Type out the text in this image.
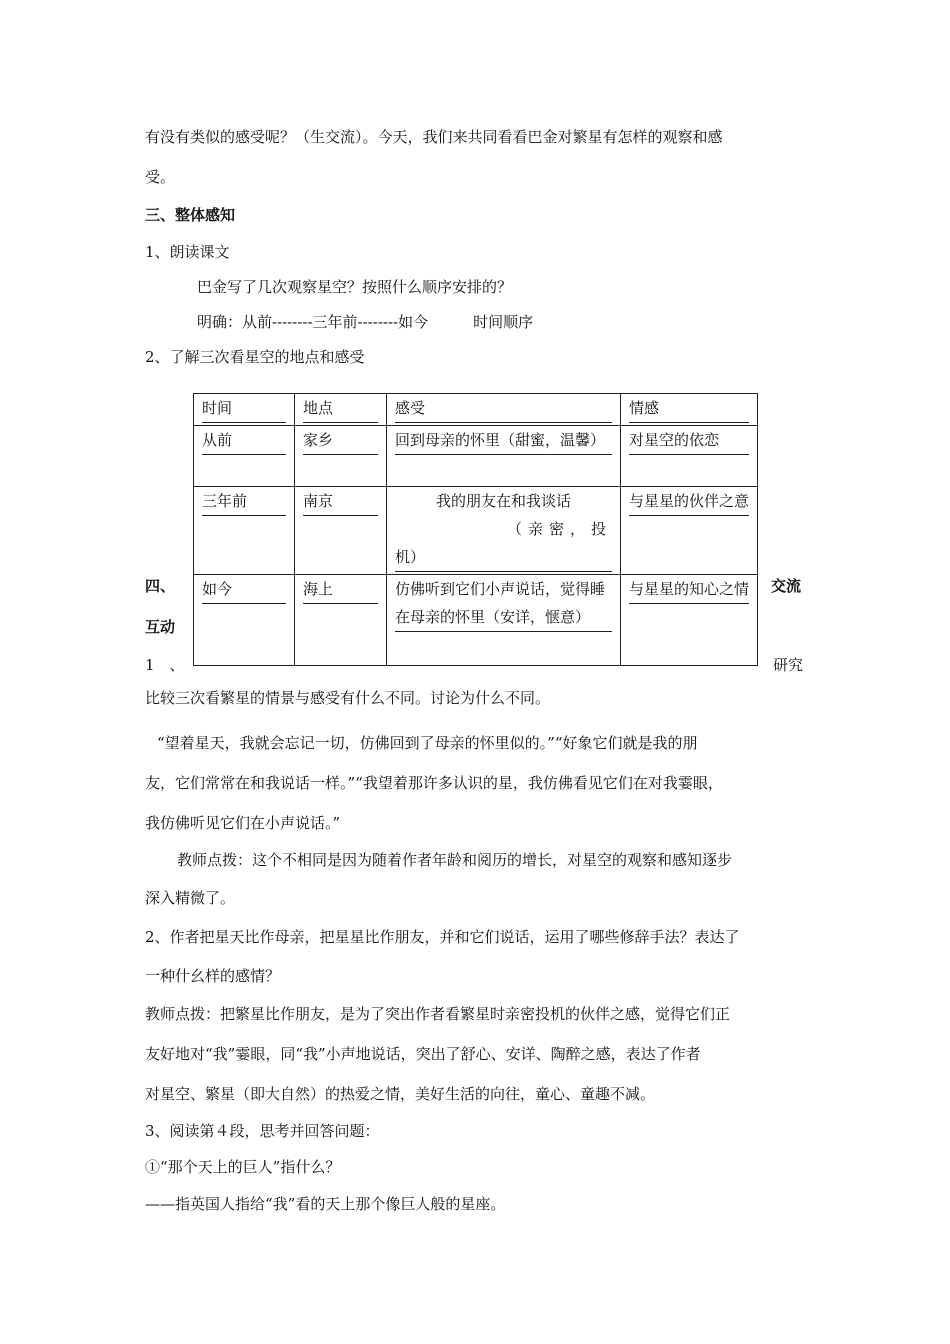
有没有类似的感受呢？（生交流）。今天，我们来共同看看巴金对繁星有怎样的观察和感
受。
三、整体感知
1、朗读课文
巴金写了几次观察星空？按照什么顺序安排的？
明确：从前--------三年前--------如今　　　时间顺序
2、了解三次看星空的地点和感受
时间	地点	感受	情感

从前	家乡	回到母亲的怀里（甜蜜，温馨）	对星空的依恋

三年前	南京	我的朋友在和我谈话
（亲密，投
机）	与星星的伙伴之意

如今	海上	仿佛听到它们小声说话，觉得睡在母亲的怀里（安详，惬意）	与星星的知心之情
四、
互动
交流
1　、	研究
比较三次看繁星的情景与感受有什么不同。讨论为什么不同。
“望着星天，我就会忘记一切，仿佛回到了母亲的怀里似的。”“好象它们就是我的朋
友，它们常常在和我说话一样。”“我望着那许多认识的星，我仿佛看见它们在对我霎眼，
我仿佛听见它们在小声说话。”
教师点拨：这个不相同是因为随着作者年龄和阅历的增长，对星空的观察和感知逐步
深入精微了。
2、作者把星天比作母亲，把星星比作朋友，并和它们说话，运用了哪些修辞手法？表达了
一种什幺样的感情？
教师点拨：把繁星比作朋友，是为了突出作者看繁星时亲密投机的伙伴之感，觉得它们正
友好地对“我”霎眼，同“我”小声地说话，突出了舒心、安详、陶醉之感，表达了作者
对星空、繁星（即大自然）的热爱之情，美好生活的向往，童心、童趣不减。
3、阅读第４段，思考并回答问题：
①“那个天上的巨人”指什么？
——指英国人指给“我”看的天上那个像巨人般的星座。
